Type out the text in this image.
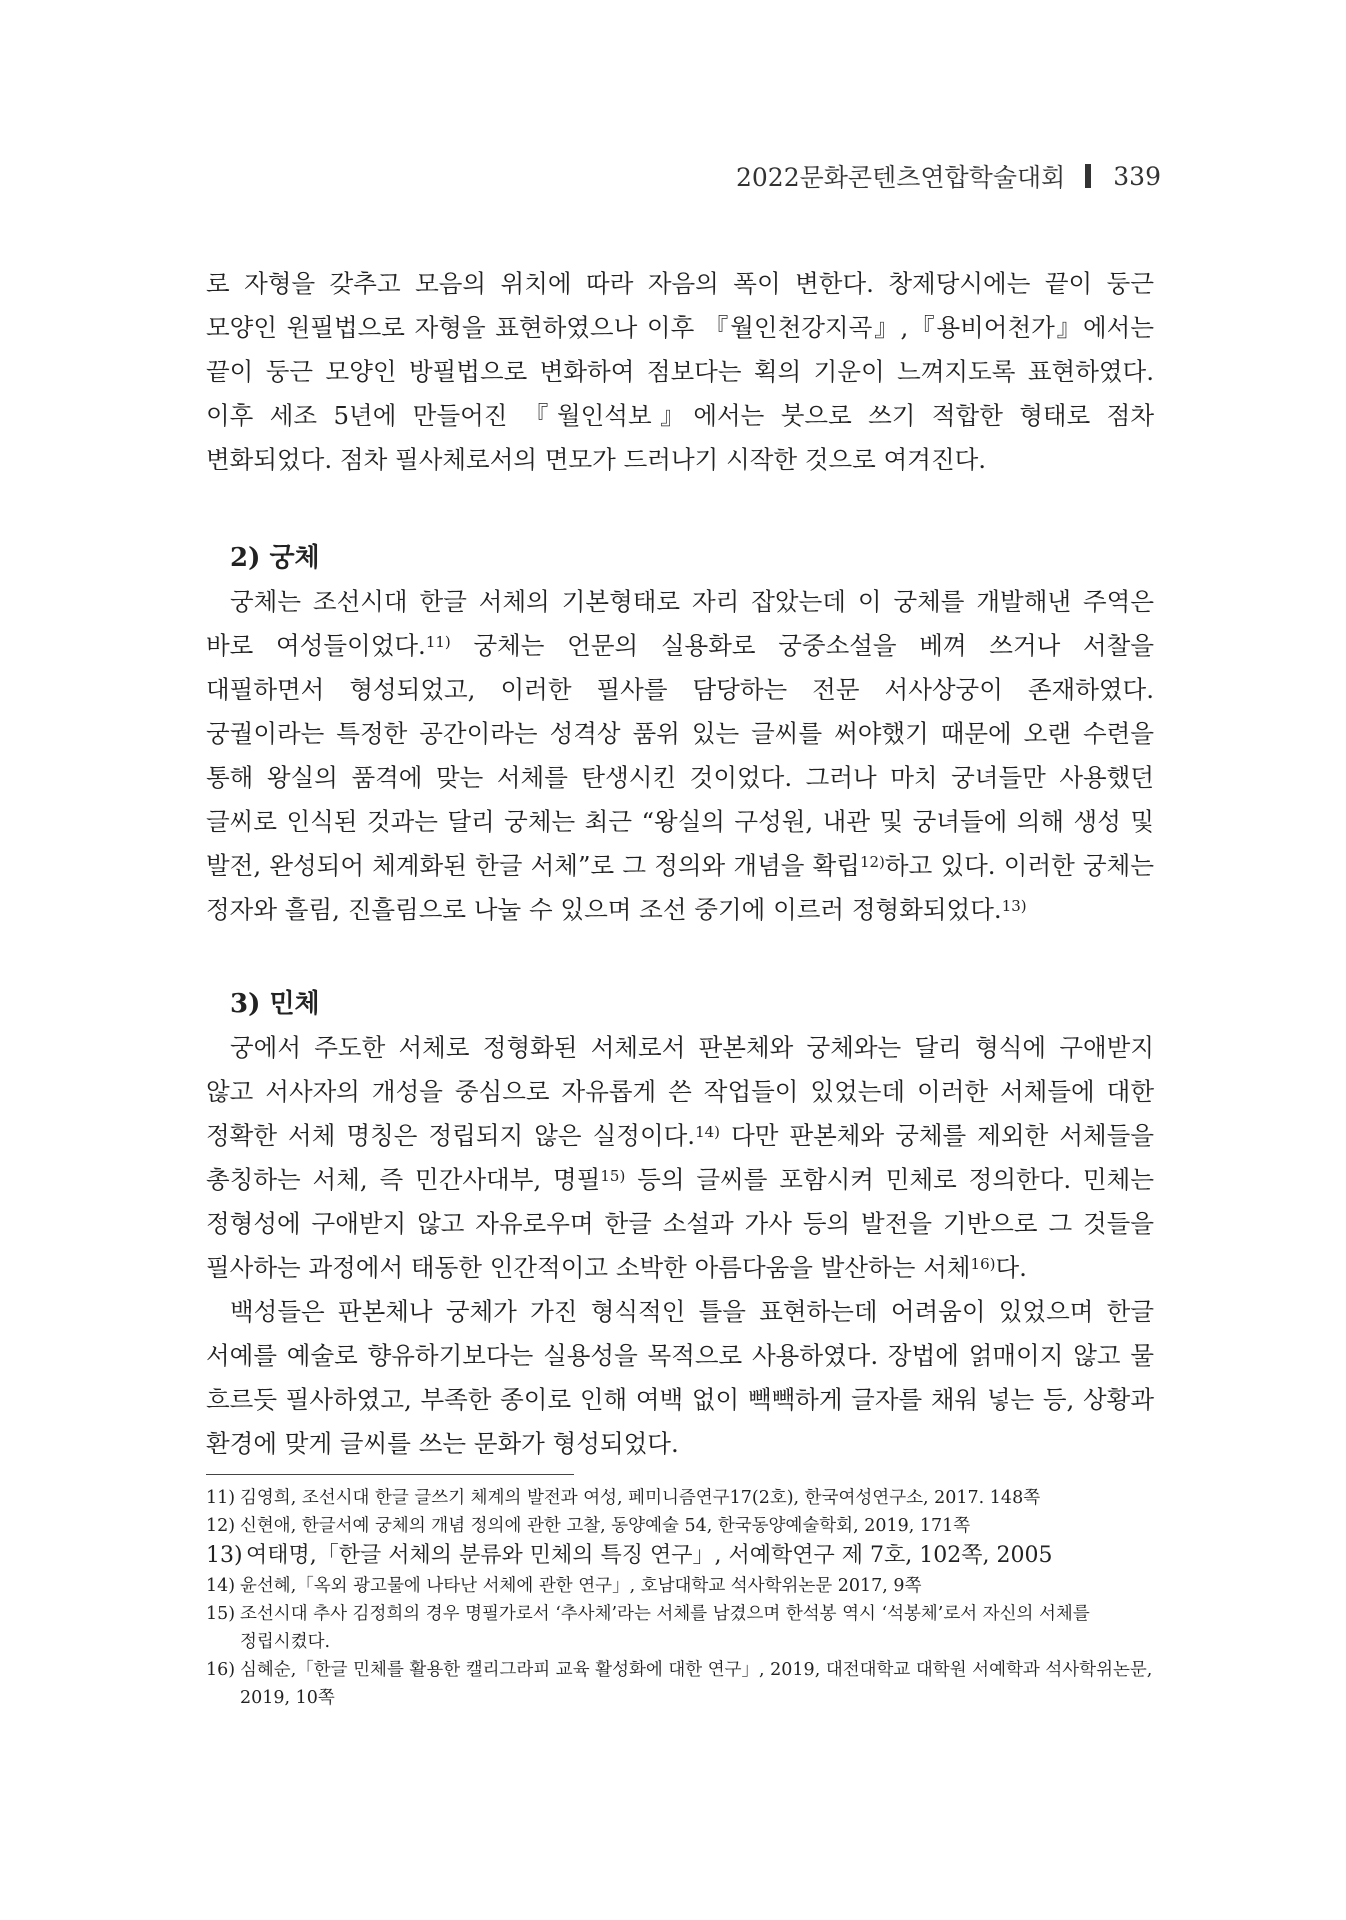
2022문화콘텐츠연합학술대회 339

로 자형을 갖추고 모음의 위치에 따라 자음의 폭이 변한다. 창제당시에는 끝이 둥근 모양인 원필법으로 자형을 표현하였으나 이후 『월인천강지곡』,『용비어천가』에서는 끝이 둥근 모양인 방필법으로 변화하여 점보다는 획의 기운이 느껴지도록 표현하였다. 이후 세조 5년에 만들어진 『월인석보』에서는 붓으로 쓰기 적합한 형태로 점차 변화되었다. 점차 필사체로서의 면모가 드러나기 시작한 것으로 여겨진다.

2) 궁체

궁체는 조선시대 한글 서체의 기본형태로 자리 잡았는데 이 궁체를 개발해낸 주역은 바로 여성들이었다.$^{11)}$ 궁체는 언문의 실용화로 궁중소설을 베껴 쓰거나 서찰을 대필하면서 형성되었고, 이러한 필사를 담당하는 전문 서사상궁이 존재하였다. 궁궐이라는 특정한 공간이라는 성격상 품위 있는 글씨를 써야했기 때문에 오랜 수련을 통해 왕실의 품격에 맞는 서체를 탄생시킨 것이었다. 그러나 마치 궁녀들만 사용했던 글씨로 인식된 것과는 달리 궁체는 최근 “왕실의 구성원, 내관 및 궁녀들에 의해 생성 및 발전, 완성되어 체계화된 한글 서체”로 그 정의와 개념을 확립$^{12)}$하고 있다. 이러한 궁체는 정자와 흘림, 진흘림으로 나눌 수 있으며 조선 중기에 이르러 정형화되었다.$^{13)}$

3) 민체

궁에서 주도한 서체로 정형화된 서체로서 판본체와 궁체와는 달리 형식에 구애받지 않고 서사자의 개성을 중심으로 자유롭게 쓴 작업들이 있었는데 이러한 서체들에 대한 정확한 서체 명칭은 정립되지 않은 실정이다.$^{14)}$ 다만 판본체와 궁체를 제외한 서체들을 총칭하는 서체, 즉 민간사대부, 명필$^{15)}$ 등의 글씨를 포함시켜 민체로 정의한다. 민체는 정형성에 구애받지 않고 자유로우며 한글 소설과 가사 등의 발전을 기반으로 그 것들을 필사하는 과정에서 태동한 인간적이고 소박한 아름다움을 발산하는 서체$^{16)}$다.

백성들은 판본체나 궁체가 가진 형식적인 틀을 표현하는데 어려움이 있었으며 한글 서예를 예술로 향유하기보다는 실용성을 목적으로 사용하였다. 장법에 얽매이지 않고 물 흐르듯 필사하였고, 부족한 종이로 인해 여백 없이 빽빽하게 글자를 채워 넣는 등, 상황과 환경에 맞게 글씨를 쓰는 문화가 형성되었다.

11) 김영희, 조선시대 한글 글쓰기 체계의 발전과 여성, 페미니즘연구17(2호), 한국여성연구소, 2017. 148쪽
12) 신현애, 한글서예 궁체의 개념 정의에 관한 고찰, 동양예술 54, 한국동양예술학회, 2019, 171쪽
13) 여태명,「한글 서체의 분류와 민체의 특징 연구」, 서예학연구 제 7호, 102쪽, 2005
14) 윤선혜,「옥외 광고물에 나타난 서체에 관한 연구」, 호남대학교 석사학위논문 2017, 9쪽
15) 조선시대 추사 김정희의 경우 명필가로서 ‘추사체’라는 서체를 남겼으며 한석봉 역시 ‘석봉체’로서 자신의 서체를 정립시켰다.
16) 심혜순,「한글 민체를 활용한 캘리그라피 교육 활성화에 대한 연구」, 2019, 대전대학교 대학원 서예학과 석사학위논문, 2019, 10쪽
